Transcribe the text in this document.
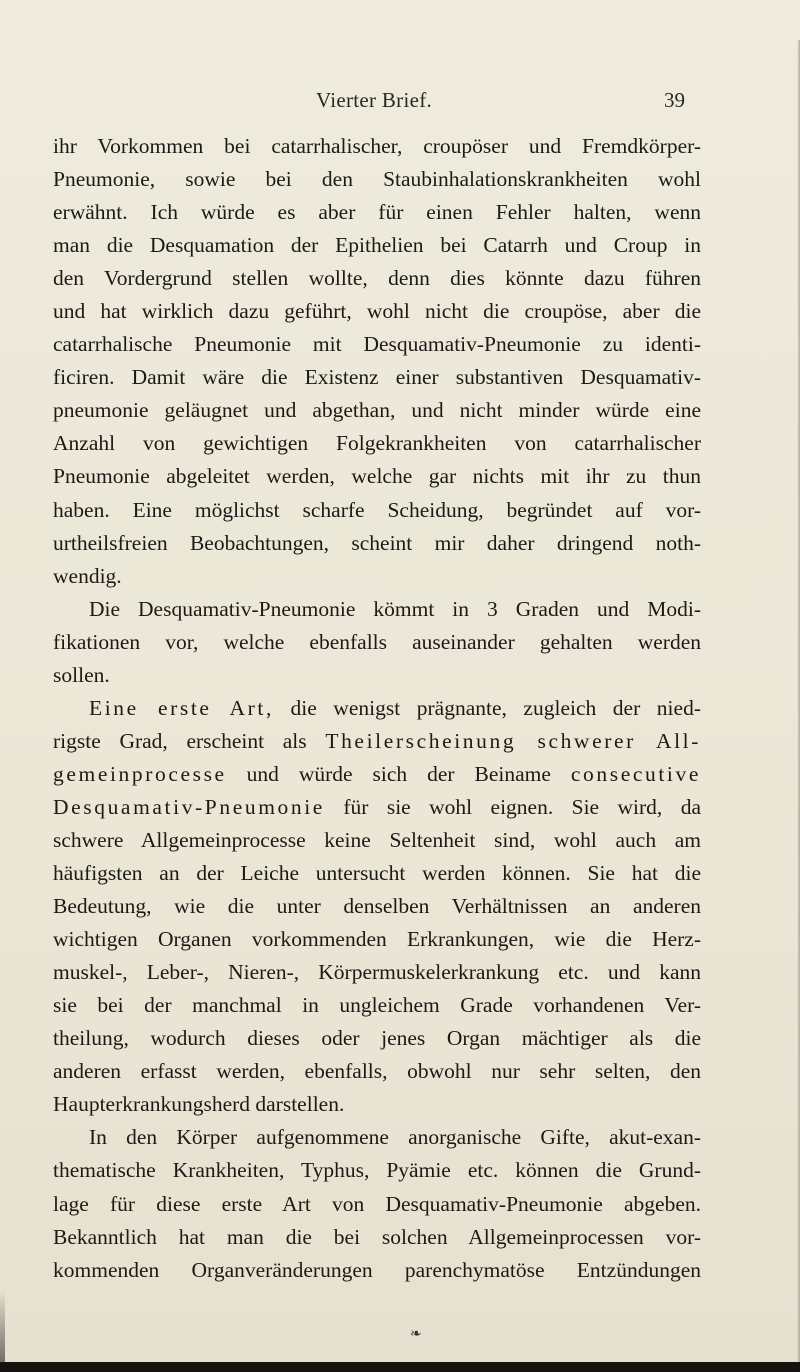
Vierter Brief.	39
ihr Vorkommen bei catarrhalischer, croupöser und Fremdkörper-
Pneumonie, sowie bei den Staubinhalationskrankheiten wohl
erwähnt. Ich würde es aber für einen Fehler halten, wenn
man die Desquamation der Epithelien bei Catarrh und Croup in
den Vordergrund stellen wollte, denn dies könnte dazu führen
und hat wirklich dazu geführt, wohl nicht die croupöse, aber die
catarrhalische Pneumonie mit Desquamativ-Pneumonie zu identi-
ficiren. Damit wäre die Existenz einer substantiven Desquamativ-
pneumonie geläugnet und abgethan, und nicht minder würde eine
Anzahl von gewichtigen Folgekrankheiten von catarrhalischer
Pneumonie abgeleitet werden, welche gar nichts mit ihr zu thun
haben. Eine möglichst scharfe Scheidung, begründet auf vor-
urtheilsfreien Beobachtungen, scheint mir daher dringend noth-
wendig.
Die Desquamativ-Pneumonie kömmt in 3 Graden und Modi-
fikationen vor, welche ebenfalls auseinander gehalten werden
sollen.
Eine erste Art, die wenigst prägnante, zugleich der nied-
rigste Grad, erscheint als Theilerscheinung schwerer All-
gemeinprocesse und würde sich der Beiname consecutive
Desquamativ-Pneumonie für sie wohl eignen. Sie wird, da
schwere Allgemeinprocesse keine Seltenheit sind, wohl auch am
häufigsten an der Leiche untersucht werden können. Sie hat die
Bedeutung, wie die unter denselben Verhältnissen an anderen
wichtigen Organen vorkommenden Erkrankungen, wie die Herz-
muskel-, Leber-, Nieren-, Körpermuskelerkrankung etc. und kann
sie bei der manchmal in ungleichem Grade vorhandenen Ver-
theilung, wodurch dieses oder jenes Organ mächtiger als die
anderen erfasst werden, ebenfalls, obwohl nur sehr selten, den
Haupterkrankungsherd darstellen.
In den Körper aufgenommene anorganische Gifte, akut-exan-
thematische Krankheiten, Typhus, Pyämie etc. können die Grund-
lage für diese erste Art von Desquamativ-Pneumonie abgeben.
Bekanntlich hat man die bei solchen Allgemeinprocessen vor-
kommenden Organveränderungen parenchymatöse Entzündungen
❧
